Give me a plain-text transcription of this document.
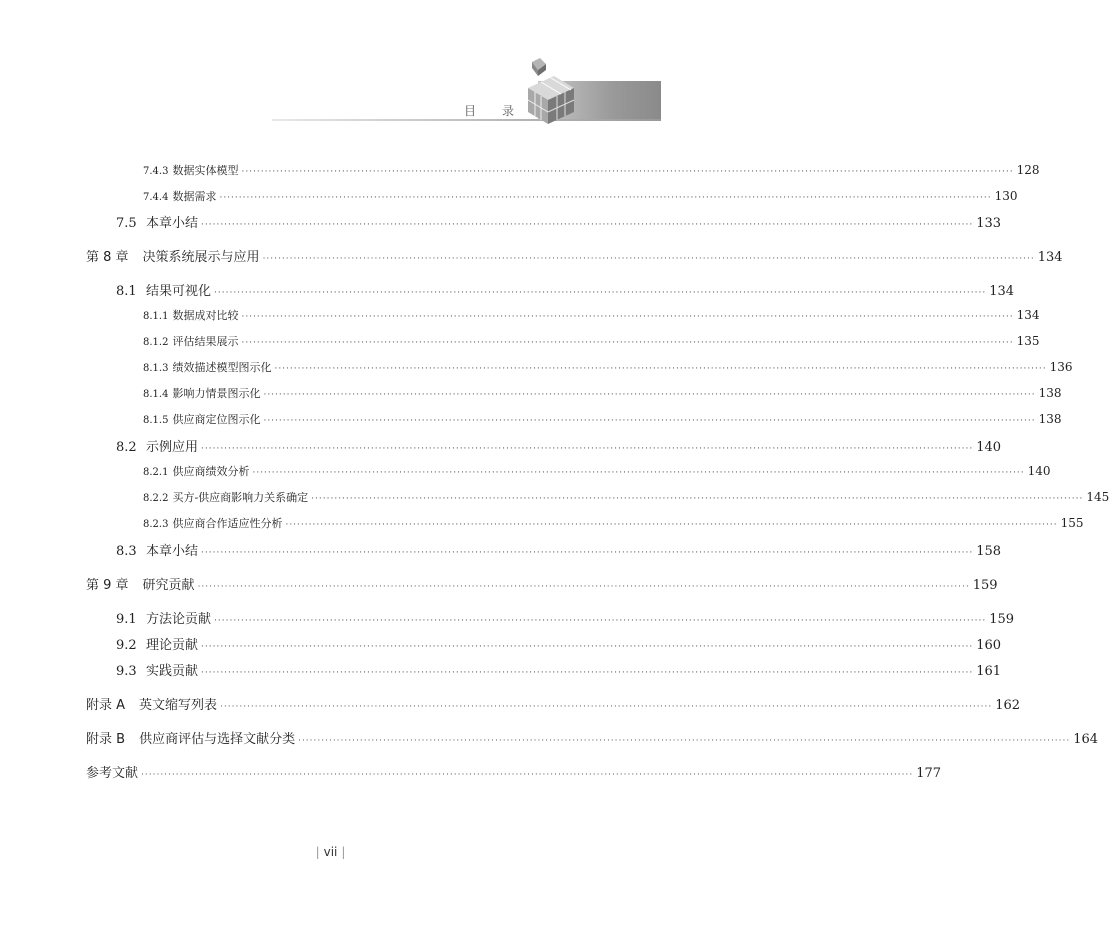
目录
7.4.3 数据实体模型 ········································································································································································································ 128
7.4.4 数据需求 ········································································································································································································ 130
7.5 本章小结 ········································································································································································································ 133
第 8 章 决策系统展示与应用 ········································································································································································································ 134
8.1 结果可视化 ········································································································································································································ 134
8.1.1 数据成对比较 ········································································································································································································ 134
8.1.2 评估结果展示 ········································································································································································································ 135
8.1.3 绩效描述模型图示化 ········································································································································································································ 136
8.1.4 影响力情景图示化 ········································································································································································································ 138
8.1.5 供应商定位图示化 ········································································································································································································ 138
8.2 示例应用 ········································································································································································································ 140
8.2.1 供应商绩效分析 ········································································································································································································ 140
8.2.2 买方-供应商影响力关系确定 ········································································································································································································ 145
8.2.3 供应商合作适应性分析 ········································································································································································································ 155
8.3 本章小结 ········································································································································································································ 158
第 9 章 研究贡献 ········································································································································································································ 159
9.1 方法论贡献 ········································································································································································································ 159
9.2 理论贡献 ········································································································································································································ 160
9.3 实践贡献 ········································································································································································································ 161
附录 A 英文缩写列表 ········································································································································································································ 162
附录 B 供应商评估与选择文献分类 ········································································································································································································ 164
参考文献 ········································································································································································································ 177
| vii |
